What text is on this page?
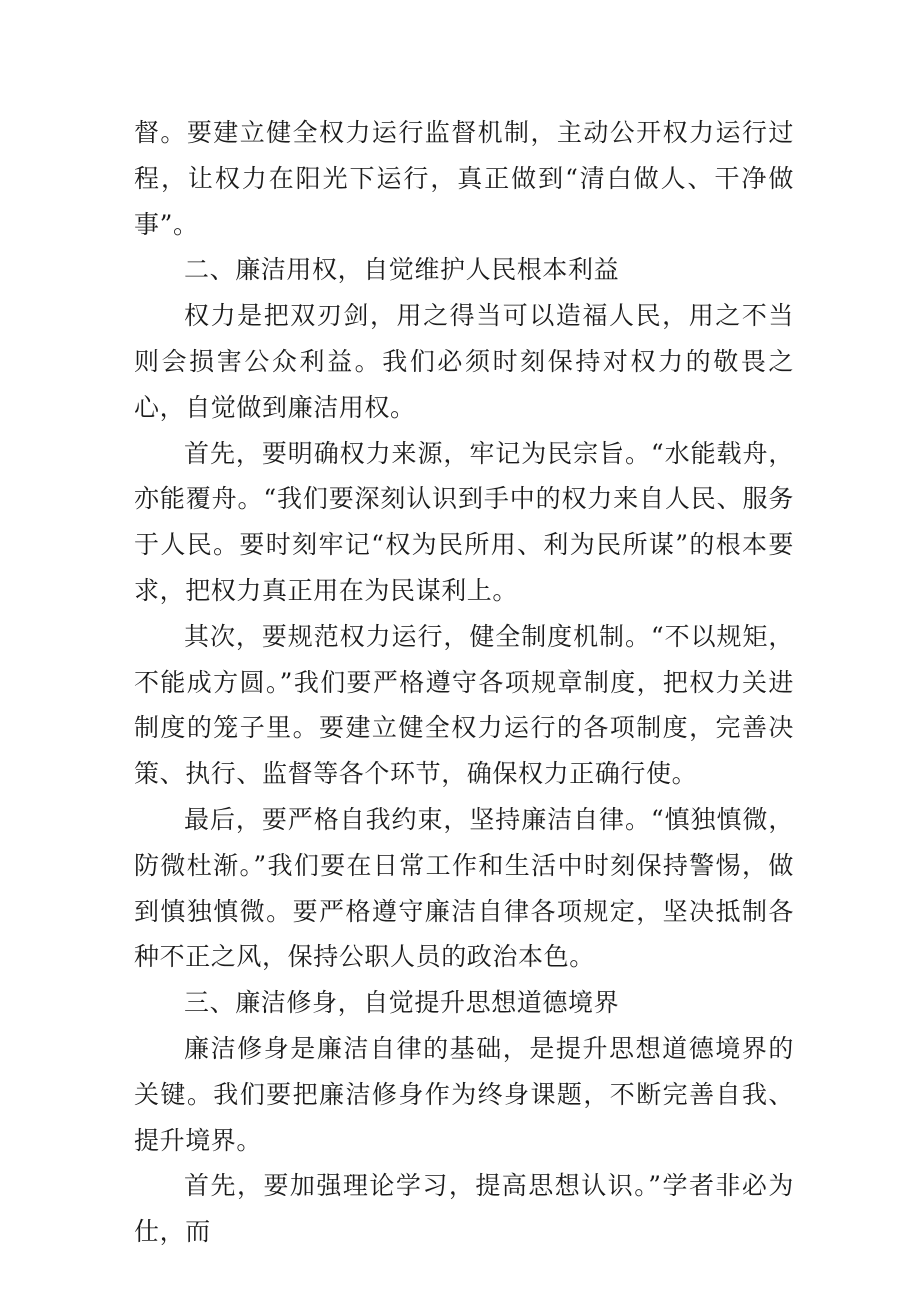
督。要建立健全权力运行监督机制，主动公开权力运行过程，让权力在阳光下运行，真正做到“清白做人、干净做事”。

二、廉洁用权，自觉维护人民根本利益

权力是把双刃剑，用之得当可以造福人民，用之不当则会损害公众利益。我们必须时刻保持对权力的敬畏之心，自觉做到廉洁用权。

首先，要明确权力来源，牢记为民宗旨。“水能载舟，亦能覆舟。“我们要深刻认识到手中的权力来自人民、服务于人民。要时刻牢记“权为民所用、利为民所谋”的根本要求，把权力真正用在为民谋利上。

其次，要规范权力运行，健全制度机制。“不以规矩，不能成方圆。”我们要严格遵守各项规章制度，把权力关进制度的笼子里。要建立健全权力运行的各项制度，完善决策、执行、监督等各个环节，确保权力正确行使。

最后，要严格自我约束，坚持廉洁自律。“慎独慎微，防微杜渐。”我们要在日常工作和生活中时刻保持警惕，做到慎独慎微。要严格遵守廉洁自律各项规定，坚决抵制各种不正之风，保持公职人员的政治本色。

三、廉洁修身，自觉提升思想道德境界

廉洁修身是廉洁自律的基础，是提升思想道德境界的关键。我们要把廉洁修身作为终身课题，不断完善自我、提升境界。

首先，要加强理论学习，提高思想认识。”学者非必为仕，而
